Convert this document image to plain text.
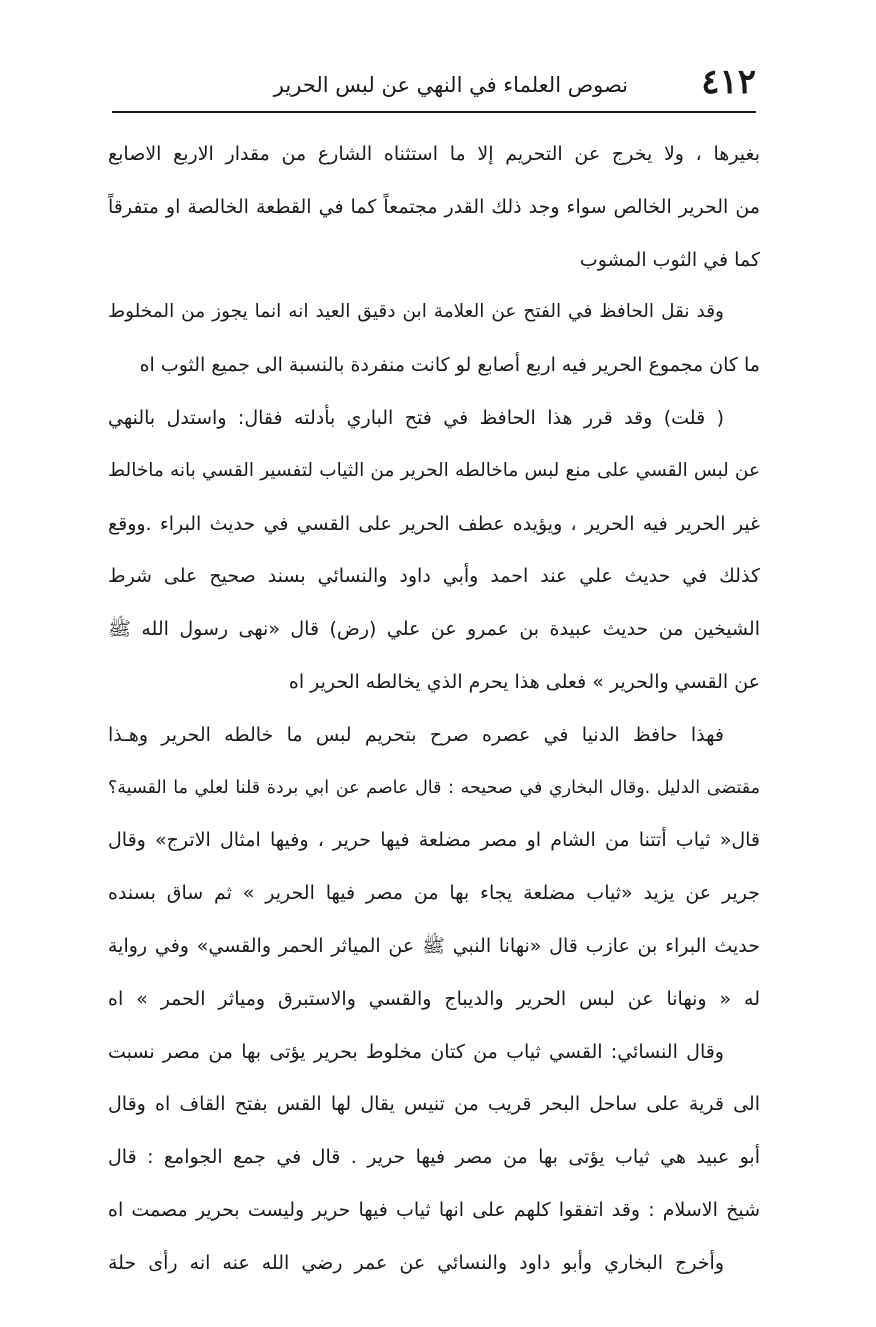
٤١٢
نصوص العلماء في النهي عن لبس الحرير
بغيرها ، ولا يخرج عن التحريم إلا ما استثناه الشارع من مقدار الاربع الاصابع
من الحرير الخالص سواء وجد ذلك القدر مجتمعاً كما في القطعة الخالصة او متفرقاً
كما في الثوب المشوب
وقد نقل الحافظ في الفتح عن العلامة ابن دقيق العيد انه انما يجوز من المخلوط
ما كان مجموع الحرير فيه اربع أصابع لو كانت منفردة بالنسبة الى جميع الثوب اه
( قلت) وقد قرر هذا الحافظ في فتح الباري بأدلته فقال: واستدل بالنهي
عن لبس القسي على منع لبس ماخالطه الحرير من الثياب لتفسير القسي بانه ماخالط
غير الحرير فيه الحرير ، ويؤيده عطف الحرير على القسي في حديث البراء .ووقع
كذلك في حديث علي عند احمد وأبي داود والنسائي بسند صحيح على شرط
الشيخين من حديث عبيدة بن عمرو عن علي (رض) قال «نهى رسول الله ﷺ
عن القسي والحرير » فعلى هذا يحرم الذي يخالطه الحرير اه
فهذا حافظ الدنيا في عصره صرح بتحريم لبس ما خالطه الحرير وهـذا
مقتضى الدليل .وقال البخاري في صحيحه : قال عاصم عن ابي بردة قلنا لعلي ما القسية؟
قال« ثياب أتتنا من الشام او مصر مضلعة فيها حرير ، وفيها امثال الاترج» وقال
جرير عن يزيد «ثياب مضلعة يجاء بها من مصر فيها الحرير » ثم ساق بسنده
حديث البراء بن عازب قال «نهانا النبي ﷺ عن المياثر الحمر والقسي» وفي رواية
له « ونهانا عن لبس الحرير والديباج والقسي والاستبرق ومياثر الحمر » اه
وقال النسائي: القسي ثياب من كتان مخلوط بحرير يؤتى بها من مصر نسبت
الى قرية على ساحل البحر قريب من تنيس يقال لها القس بفتح القاف اه وقال
أبو عبيد هي ثياب يؤتى بها من مصر فيها حرير . قال في جمع الجوامع : قال
شيخ الاسلام : وقد اتفقوا كلهم على انها ثياب فيها حرير وليست بحرير مصمت اه
وأخرج البخاري وأبو داود والنسائي عن عمر رضي الله عنه انه رأى حلة
